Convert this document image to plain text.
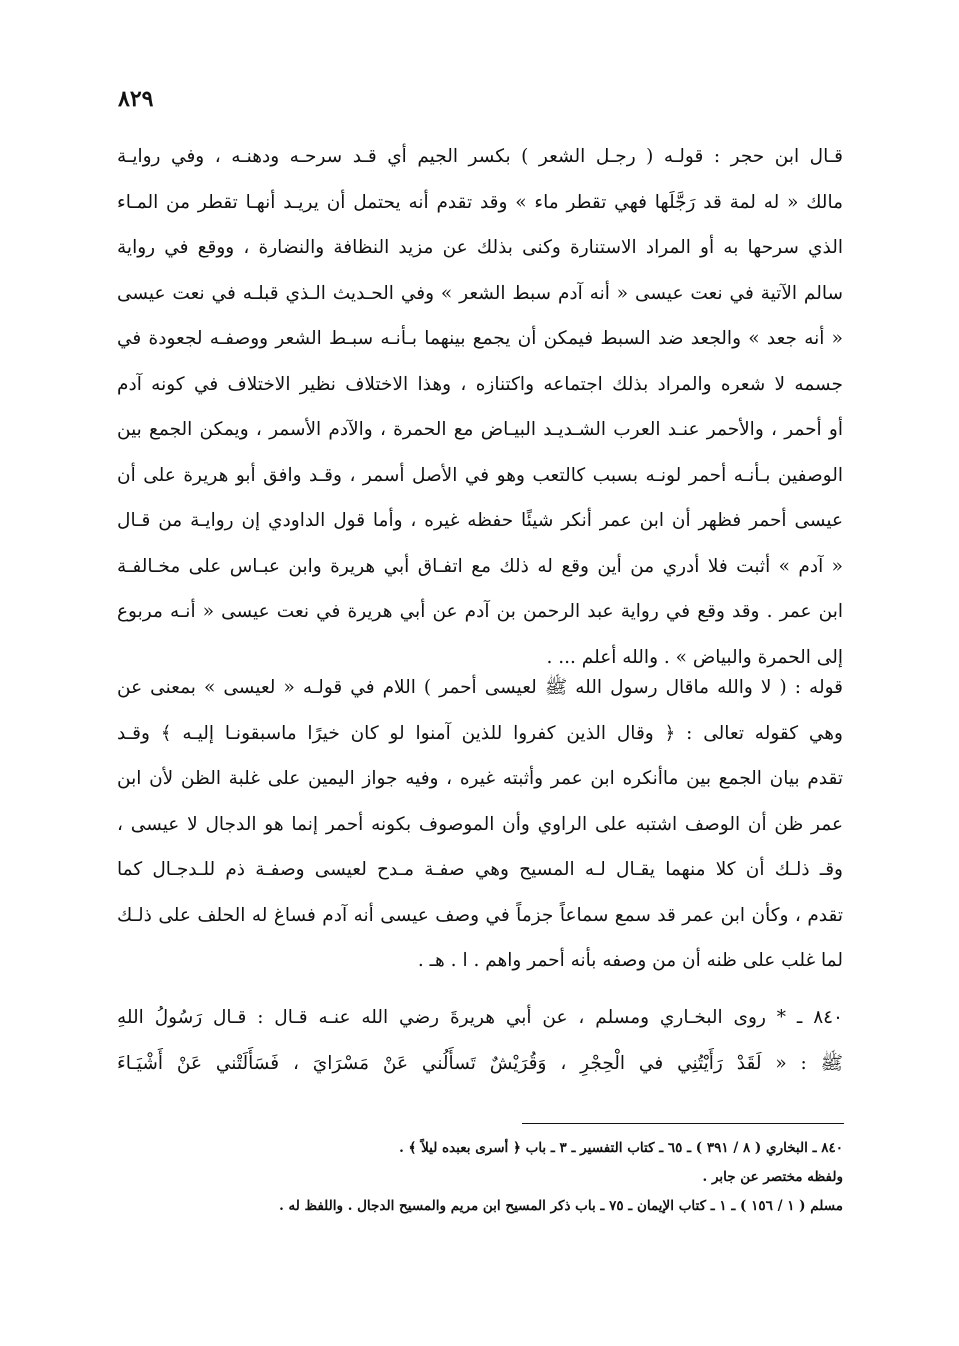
٨٢٩
قـال ابن حجر : قولـه ( رجـل الشعر ) بكسر الجيم أي قـد سرحـه ودهنـه ، وفي روايـة
مالك « له لمة قد رَجَّلَها فهي تقطر ماء » وقد تقدم أنه يحتمل أن يريـد أنهـا تقطر من المـاء
الذي سرحها به أو المراد الاستنارة وكنى بذلك عن مزيد النظافة والنضارة ، ووقع في رواية
سالم الآتية في نعت عيسى « أنه آدم سبط الشعر » وفي الحـديث الـذي قبلـه في نعت عيسى
« أنه جعد » والجعد ضد السبط فيمكن أن يجمع بينهما بـأنـه سبـط الشعر ووصفـه لجعودة في
جسمه لا شعره والمراد بذلك اجتماعه واكتنازه ، وهذا الاختلاف نظير الاختلاف في كونه آدم
أو أحمر ، والأحمر عنـد العرب الشـديـد البيـاض مع الحمرة ، والآدم الأسمر ، ويمكن الجمع بين
الوصفين بـأنـه أحمر لونـه بسبب كالتعب وهو في الأصل أسمر ، وقـد وافق أبو هريرة على أن
عيسى أحمر فظهر أن ابن عمر أنكر شيئًا حفظه غيره ، وأما قول الداودي إن روايـة من قـال
« آدم » أثبت فلا أدري من أين وقع له ذلك مع اتفـاق أبي هريرة وابن عبـاس على مخـالفـة
ابن عمر . وقد وقع في رواية عبد الرحمن بن آدم عن أبي هريرة في نعت عيسى « أنـه مربوع
إلى الحمرة والبياض » . والله أعلم ... .
قوله : ( لا والله ماقال رسول الله ﷺ لعيسى أحمر ) اللام في قولـه « لعيسى » بمعنى عن
وهي كقوله تعالى : ﴿ وقال الذين كفروا للذين آمنوا لو كان خيرًا ماسبقونـا إليـه ﴾ وقـد
تقدم بيان الجمع بين ماأنكره ابن عمر وأثبته غيره ، وفيه جواز اليمين على غلبة الظن لأن ابن
عمر ظن أن الوصف اشتبه على الراوي وأن الموصوف بكونه أحمر إنما هو الدجال لا عيسى ،
وقـ ذلـك أن كلا منهما يقـال لـه المسيح وهي صفـة مـدح لعيسى وصفـة ذم للـدجـال كما
تقدم ، وكأن ابن عمر قد سمع سماعاً جزماً في وصف عيسى أنه آدم فساغ له الحلف على ذلـك
لما غلب على ظنه أن من وصفه بأنه أحمر واهم . ا . هـ .
٨٤٠ ـ * روى البخـاري ومسلم ، عن أبي هريرةَ رضي الله عنـه قـال : قـال رَسُولُ اللهِ
ﷺ : « لَقَدْ رَأَيْتُنِي في الْحِجْرِ ، وَقُرَيْشٌ تَسأَلُني عَنْ مَسْرَايَ ، فَسَأَلَتْني عَنْ أَشْيَـاءَ
٨٤٠ ـ البخاري ( ٨ / ٣٩١ ) ـ ٦٥ ـ كتاب التفسير ـ ٣ ـ باب ﴿ أسرى بعبده ليلاً ﴾ .
ولفظه مختصر عن جابر .
مسلم ( ١ / ١٥٦ ) ـ ١ ـ كتاب الإيمان ـ ٧٥ ـ باب ذكر المسيح ابن مريم والمسيح الدجال . واللفظ له .
